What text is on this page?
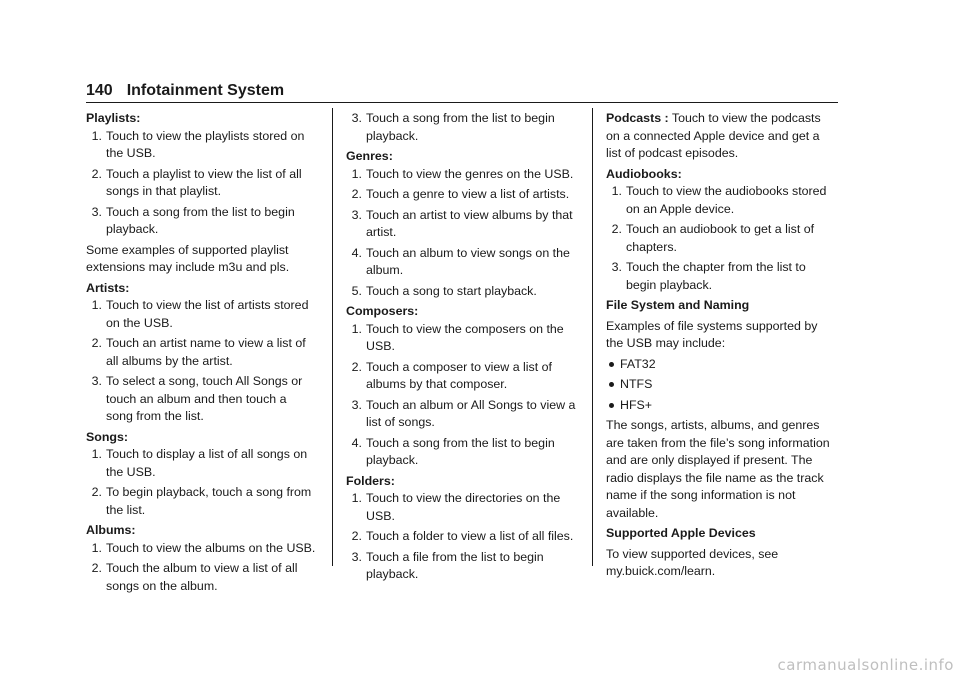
140 Infotainment System
Playlists:
1. Touch to view the playlists stored on the USB.
2. Touch a playlist to view the list of all songs in that playlist.
3. Touch a song from the list to begin playback.

Some examples of supported playlist extensions may include m3u and pls.

Artists:
1. Touch to view the list of artists stored on the USB.
2. Touch an artist name to view a list of all albums by the artist.
3. To select a song, touch All Songs or touch an album and then touch a song from the list.
Songs:
1. Touch to display a list of all songs on the USB.
2. To begin playback, touch a song from the list.
Albums:
1. Touch to view the albums on the USB.
2. Touch the album to view a list of all songs on the album.
3. Touch a song from the list to begin playback.
Genres:
1. Touch to view the genres on the USB.
2. Touch a genre to view a list of artists.
3. Touch an artist to view albums by that artist.
4. Touch an album to view songs on the album.
5. Touch a song to start playback.
Composers:
1. Touch to view the composers on the USB.
2. Touch a composer to view a list of albums by that composer.
3. Touch an album or All Songs to view a list of songs.
4. Touch a song from the list to begin playback.
Folders:
1. Touch to view the directories on the USB.
2. Touch a folder to view a list of all files.
3. Touch a file from the list to begin playback.

Podcasts : Touch to view the podcasts on a connected Apple device and get a list of podcast episodes.

Audiobooks:
1. Touch to view the audiobooks stored on an Apple device.
2. Touch an audiobook to get a list of chapters.
3. Touch the chapter from the list to begin playback.
File System and Naming

Examples of file systems supported by the USB may include:

FAT32
NTFS
HFS+

The songs, artists, albums, and genres are taken from the file’s song information and are only displayed if present. The radio displays the file name as the track name if the song information is not available.

Supported Apple Devices

To view supported devices, see my.buick.com/learn.

carmanualsonline.info
